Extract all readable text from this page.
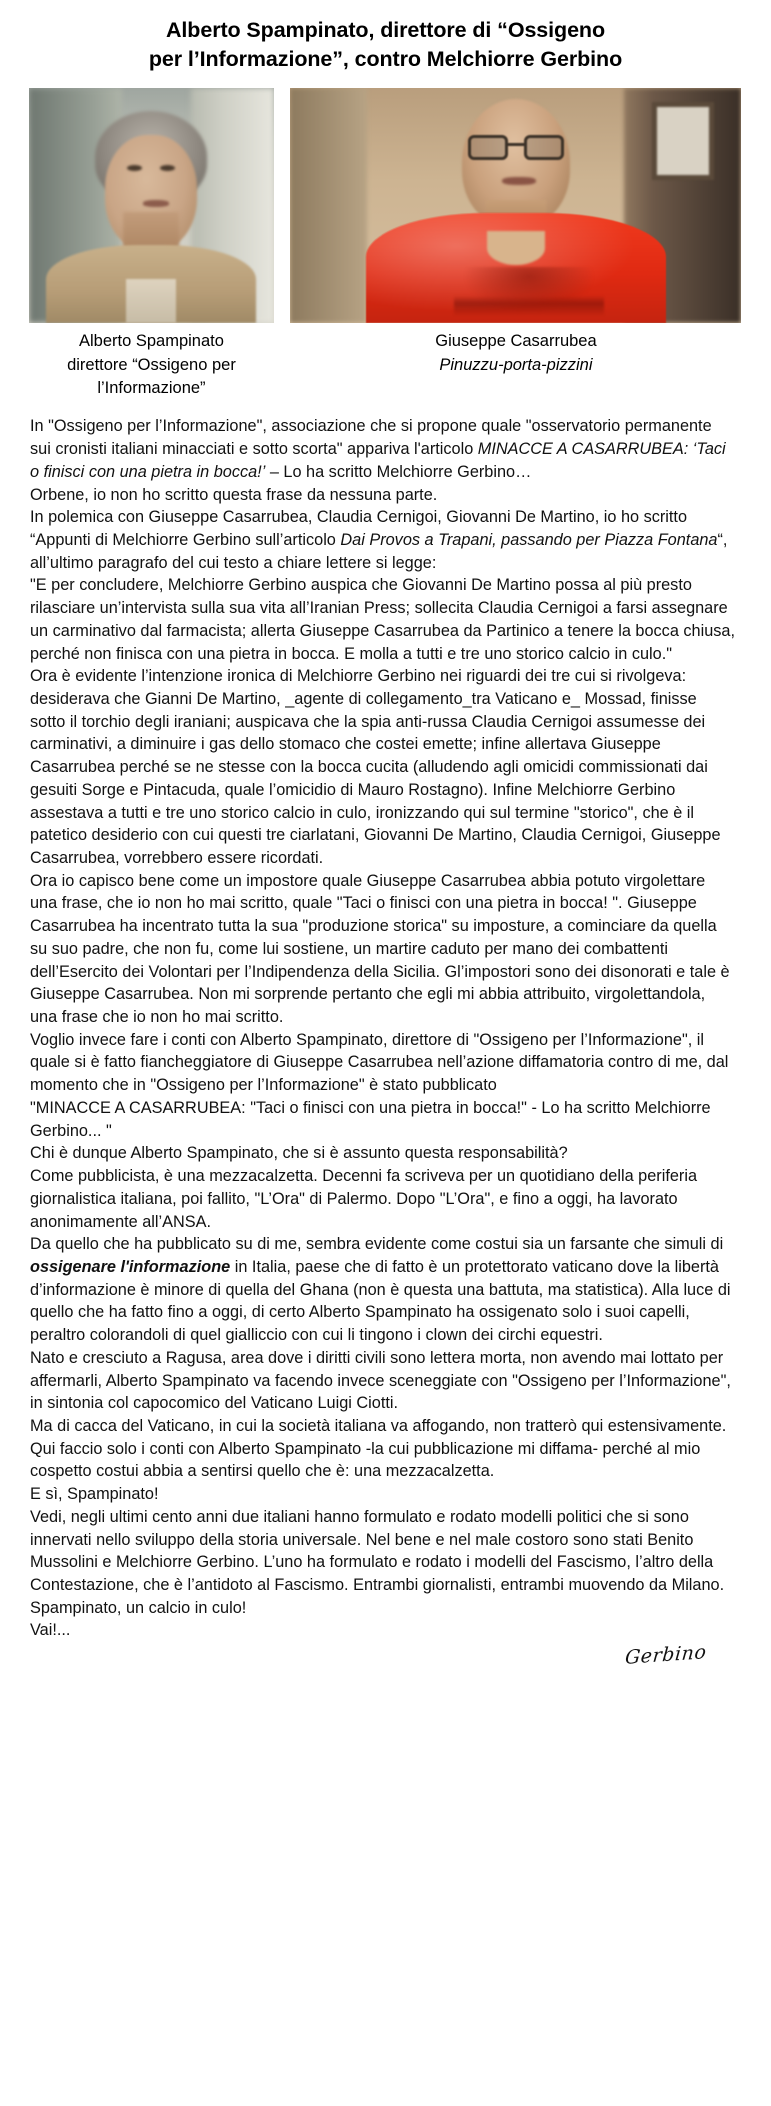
Alberto Spampinato, direttore di “Ossigeno
per l’Informazione”, contro Melchiorre Gerbino
Alberto Spampinato
direttore “Ossigeno per l’Informazione”
Giuseppe Casarrubea
Pinuzzu-porta-pizzini

In "Ossigeno per l’Informazione", associazione che si propone quale "osservatorio permanente sui cronisti italiani minacciati e sotto scorta" appariva l'articolo MINACCE A CASARRUBEA: ‘Taci o finisci con una pietra in bocca!’ – Lo ha scritto Melchiorre Gerbino…

Orbene, io non ho scritto questa frase da nessuna parte.

In polemica con Giuseppe Casarrubea, Claudia Cernigoi, Giovanni De Martino, io ho scritto “Appunti di Melchiorre Gerbino sull’articolo Dai Provos a Trapani, passando per Piazza Fontana“, all’ultimo paragrafo del cui testo a chiare lettere si legge:

"E per concludere, Melchiorre Gerbino auspica che Giovanni De Martino possa al più presto rilasciare un’intervista sulla sua vita all’Iranian Press; sollecita Claudia Cernigoi a farsi assegnare un carminativo dal farmacista; allerta Giuseppe Casarrubea da Partinico a tenere la bocca chiusa, perché non finisca con una pietra in bocca. E molla a tutti e tre uno storico calcio in culo."

Ora è evidente l’intenzione ironica di Melchiorre Gerbino nei riguardi dei tre cui si rivolgeva: desiderava che Gianni De Martino, _agente di collegamento_tra Vaticano e_ Mossad, finisse sotto il torchio degli iraniani; auspicava che la spia anti-russa Claudia Cernigoi assumesse dei carminativi, a diminuire i gas dello stomaco che costei emette; infine allertava Giuseppe Casarrubea perché se ne stesse con la bocca cucita (alludendo agli omicidi commissionati dai gesuiti Sorge e Pintacuda, quale l’omicidio di Mauro Rostagno). Infine Melchiorre Gerbino assestava a tutti e tre uno storico calcio in culo, ironizzando qui sul termine "storico", che è il patetico desiderio con cui questi tre ciarlatani, Giovanni De Martino, Claudia Cernigoi, Giuseppe Casarrubea, vorrebbero essere ricordati.

Ora io capisco bene come un impostore quale Giuseppe Casarrubea abbia potuto virgolettare una frase, che io non ho mai scritto, quale "Taci o finisci con una pietra in bocca! ". Giuseppe Casarrubea ha incentrato tutta la sua "produzione storica" su imposture, a cominciare da quella su suo padre, che non fu, come lui sostiene, un martire caduto per mano dei combattenti dell’Esercito dei Volontari per l’Indipendenza della Sicilia. Gl’impostori sono dei disonorati e tale è Giuseppe Casarrubea. Non mi sorprende pertanto che egli mi abbia attribuito, virgolettandola, una frase che io non ho mai scritto.

Voglio invece fare i conti con Alberto Spampinato, direttore di "Ossigeno per l’Informazione", il quale si è fatto fiancheggiatore di Giuseppe Casarrubea nell’azione diffamatoria contro di me, dal momento che in "Ossigeno per l’Informazione" è stato pubblicato

"MINACCE A CASARRUBEA: "Taci o finisci con una pietra in bocca!" - Lo ha scritto Melchiorre Gerbino... "

Chi è dunque Alberto Spampinato, che si è assunto questa responsabilità?

Come pubblicista, è una mezzacalzetta. Decenni fa scriveva per un quotidiano della periferia giornalistica italiana, poi fallito, "L’Ora" di Palermo. Dopo "L’Ora", e fino a oggi, ha lavorato anonimamente all’ANSA.

Da quello che ha pubblicato su di me, sembra evidente come costui sia un farsante che simuli di ossigenare l'informazione in Italia, paese che di fatto è un protettorato vaticano dove la libertà d’informazione è minore di quella del Ghana (non è questa una battuta, ma statistica). Alla luce di quello che ha fatto fino a oggi, di certo Alberto Spampinato ha ossigenato solo i suoi capelli, peraltro colorandoli di quel gialliccio con cui li tingono i clown dei circhi equestri.

Nato e cresciuto a Ragusa, area dove i diritti civili sono lettera morta, non avendo mai lottato per affermarli, Alberto Spampinato va facendo invece sceneggiate con "Ossigeno per l’Informazione", in sintonia col capocomico del Vaticano Luigi Ciotti.

Ma di cacca del Vaticano, in cui la società italiana va affogando, non tratterò qui estensivamente.

Qui faccio solo i conti con Alberto Spampinato -la cui pubblicazione mi diffama- perché al mio cospetto costui abbia a sentirsi quello che è: una mezzacalzetta.

E sì, Spampinato!

Vedi, negli ultimi cento anni due italiani hanno formulato e rodato modelli politici che si sono innervati nello sviluppo della storia universale. Nel bene e nel male costoro sono stati Benito Mussolini e Melchiorre Gerbino. L’uno ha formulato e rodato i modelli del Fascismo, l’altro della Contestazione, che è l’antidoto al Fascismo. Entrambi giornalisti, entrambi muovendo da Milano.

Spampinato, un calcio in culo!

Vai!...

Gerbino
